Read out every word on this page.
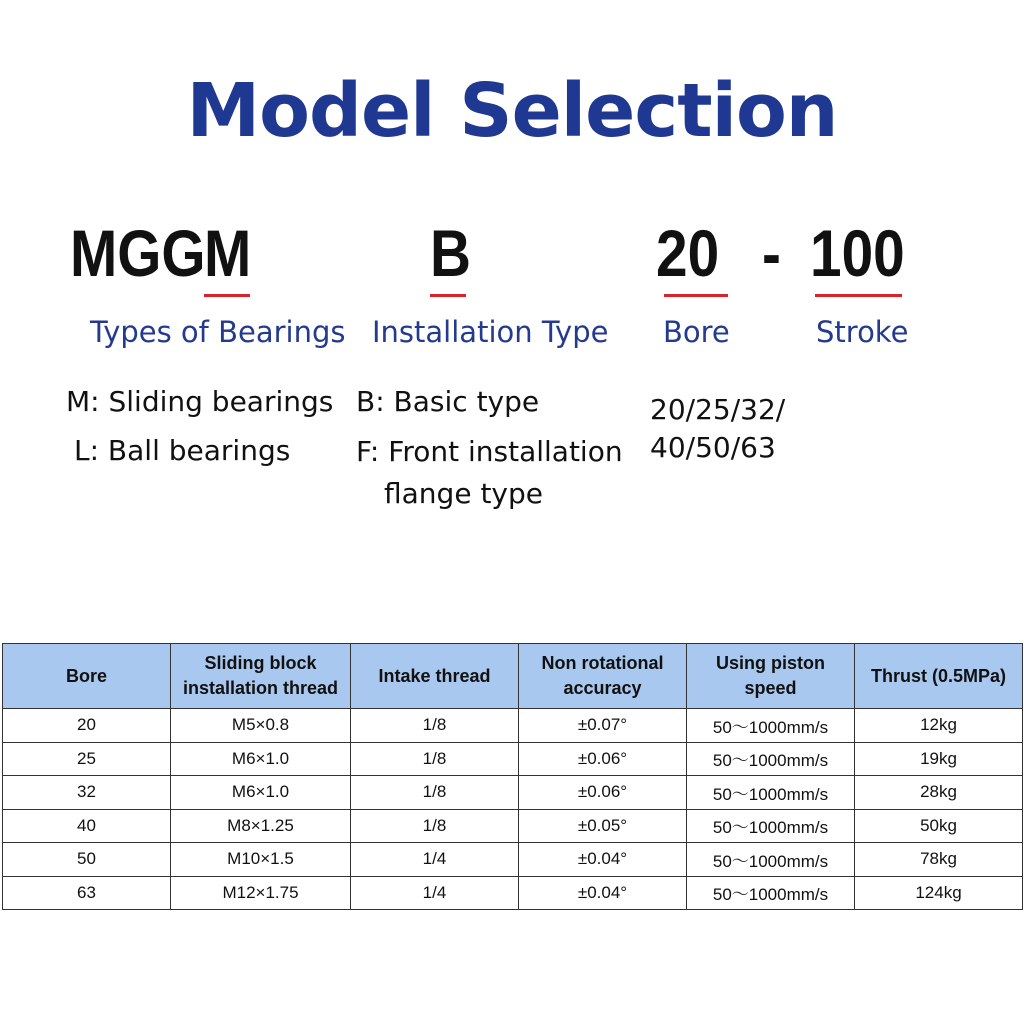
Model Selection
MGG
M	B	20 - 100
Types of Bearings Installation Type Bore	Stroke
M: Sliding bearings
L: Ball bearings
B: Basic type
F: Front installation
flange type
20/25/32/
40/50/63
Bore	Sliding block installation thread	Intake thread	Non rotational accuracy	Using piston speed	Thrust (0.5MPa)
20	M5×0.8	1/8	±0.07°	50～1000mm/s	12kg
25	M6×1.0	1/8	±0.06°	50～1000mm/s	19kg
32	M6×1.0	1/8	±0.06°	50～1000mm/s	28kg
40	M8×1.25	1/8	±0.05°	50～1000mm/s	50kg
50	M10×1.5	1/4	±0.04°	50～1000mm/s	78kg
63	M12×1.75	1/4	±0.04°	50～1000mm/s	124kg
